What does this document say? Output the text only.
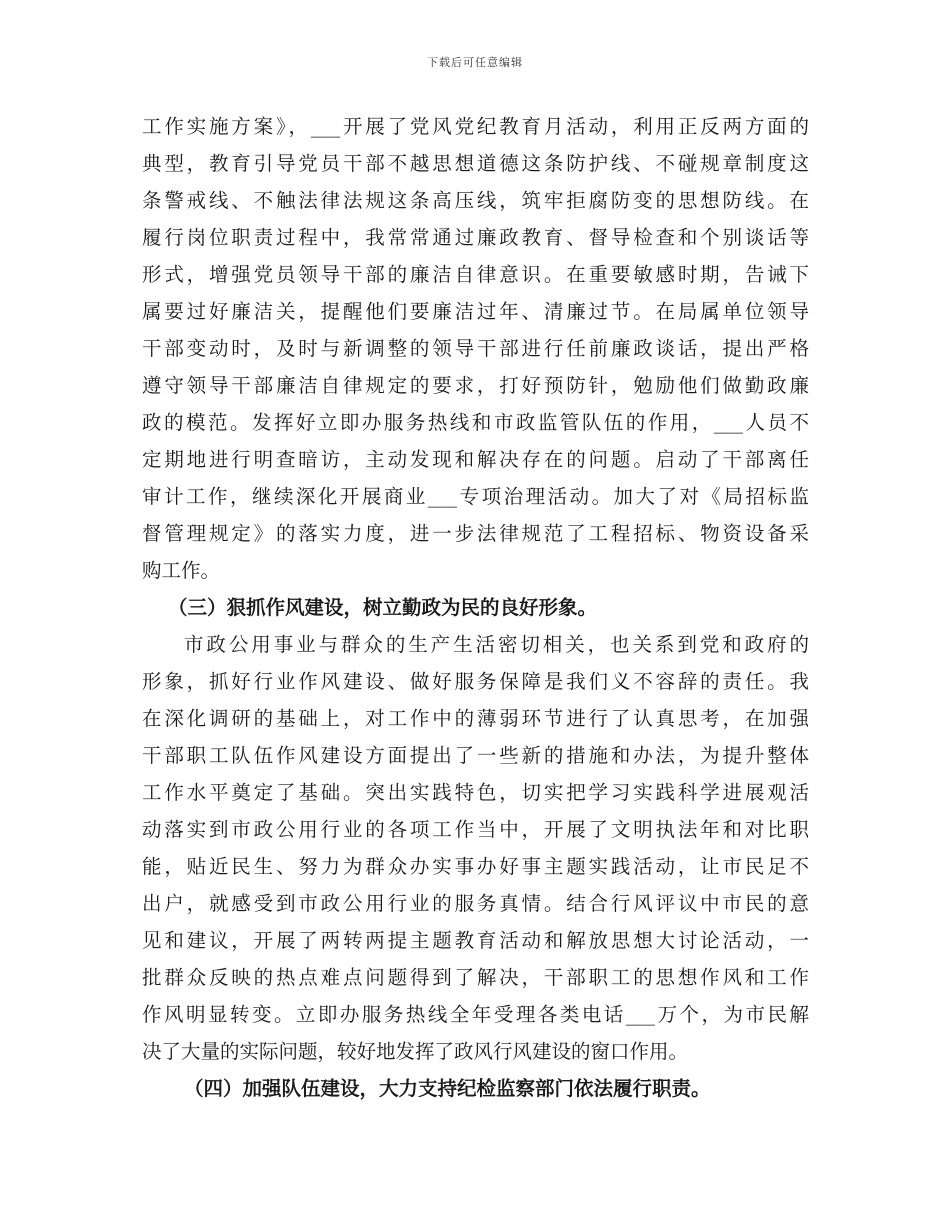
下载后可任意编辑
工作实施方案》，___开展了党风党纪教育月活动，利用正反两方面的
典型，教育引导党员干部不越思想道德这条防护线、不碰规章制度这
条警戒线、不触法律法规这条高压线，筑牢拒腐防变的思想防线。在
履行岗位职责过程中，我常常通过廉政教育、督导检查和个别谈话等
形式，增强党员领导干部的廉洁自律意识。在重要敏感时期，告诫下
属要过好廉洁关，提醒他们要廉洁过年、清廉过节。在局属单位领导
干部变动时，及时与新调整的领导干部进行任前廉政谈话，提出严格
遵守领导干部廉洁自律规定的要求，打好预防针，勉励他们做勤政廉
政的模范。发挥好立即办服务热线和市政监管队伍的作用，___人员不
定期地进行明查暗访，主动发现和解决存在的问题。启动了干部离任
审计工作，继续深化开展商业___专项治理活动。加大了对《局招标监
督管理规定》的落实力度，进一步法律规范了工程招标、物资设备采
购工作。
（三）狠抓作风建设，树立勤政为民的良好形象。
市政公用事业与群众的生产生活密切相关，也关系到党和政府的
形象，抓好行业作风建设、做好服务保障是我们义不容辞的责任。我
在深化调研的基础上，对工作中的薄弱环节进行了认真思考，在加强
干部职工队伍作风建设方面提出了一些新的措施和办法，为提升整体
工作水平奠定了基础。突出实践特色，切实把学习实践科学进展观活
动落实到市政公用行业的各项工作当中，开展了文明执法年和对比职
能，贴近民生、努力为群众办实事办好事主题实践活动，让市民足不
出户，就感受到市政公用行业的服务真情。结合行风评议中市民的意
见和建议，开展了两转两提主题教育活动和解放思想大讨论活动，一
批群众反映的热点难点问题得到了解决，干部职工的思想作风和工作
作风明显转变。立即办服务热线全年受理各类电话___万个，为市民解
决了大量的实际问题，较好地发挥了政风行风建设的窗口作用。
（四）加强队伍建设，大力支持纪检监察部门依法履行职责。
